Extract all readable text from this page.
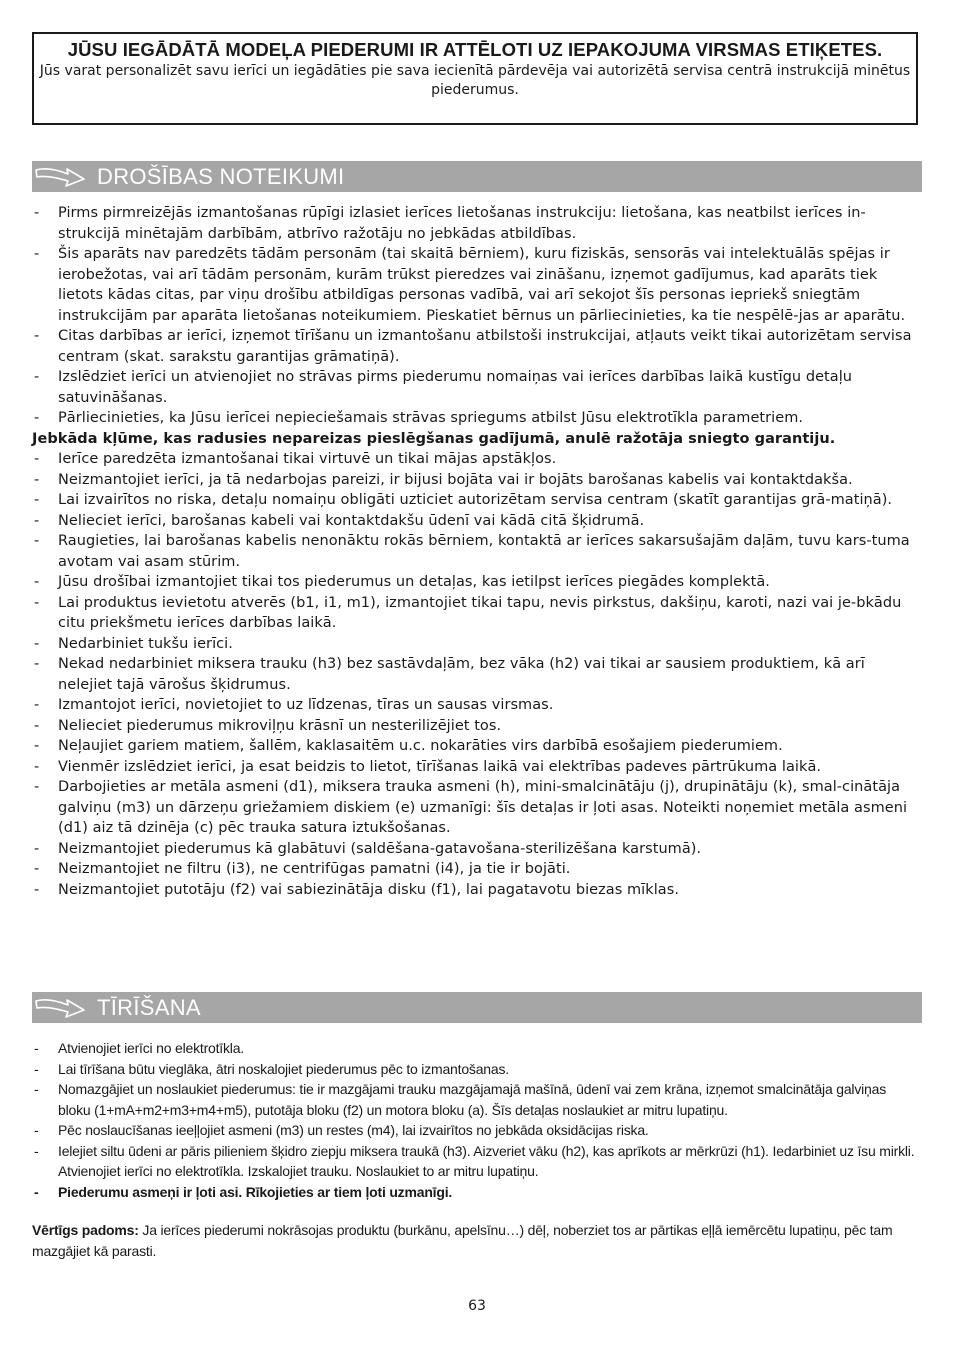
JŪSU IEGĀDĀTĀ MODEĻA PIEDERUMI IR ATTĒLOTI UZ IEPAKOJUMA VIRSMAS ETIĶETES.
Jūs varat personalizēt savu ierīci un iegādāties pie sava iecienītā pārdevēja vai autorizētā servisa centrā instrukcijā minētus piederumus.
DROŠĪBAS NOTEIKUMI
- Pirms pirmreizējās izmantošanas rūpīgi izlasiet ierīces lietošanas instrukciju: lietošana, kas neatbilst ierīces in-strukcijā minētajām darbībām, atbrīvo ražotāju no jebkādas atbildības.
- Šis aparāts nav paredzēts tādām personām (tai skaitā bērniem), kuru fiziskās, sensorās vai intelektuālās spējas ir ierobežotas, vai arī tādām personām, kurām trūkst pieredzes vai zināšanu, izņemot gadījumus, kad aparāts tiek lietots kādas citas, par viņu drošību atbildīgas personas vadībā, vai arī sekojot šīs personas iepriekš sniegtām instrukcijām par aparāta lietošanas noteikumiem. Pieskatiet bērnus un pārliecinieties, ka tie nespēlē-jas ar aparātu.
- Citas darbības ar ierīci, izņemot tīrīšanu un izmantošanu atbilstoši instrukcijai, atļauts veikt tikai autorizētam servisa centram (skat. sarakstu garantijas grāmatiņā).
- Izslēdziet ierīci un atvienojiet no strāvas pirms piederumu nomaiņas vai ierīces darbības laikā kustīgu detaļu satuvināšanas.
- Pārliecinieties, ka Jūsu ierīcei nepieciešamais strāvas spriegums atbilst Jūsu elektrotīkla parametriem.
Jebkāda kļūme, kas radusies nepareizas pieslēgšanas gadījumā, anulē ražotāja sniegto garantiju.
- Ierīce paredzēta izmantošanai tikai virtuvē un tikai mājas apstākļos.
- Neizmantojiet ierīci, ja tā nedarbojas pareizi, ir bijusi bojāta vai ir bojāts barošanas kabelis vai kontaktdakša.
- Lai izvairītos no riska, detaļu nomaiņu obligāti uzticiet autorizētam servisa centram (skatīt garantijas grā-matiņā).
- Nelieciet ierīci, barošanas kabeli vai kontaktdakšu ūdenī vai kādā citā šķidrumā.
- Raugieties, lai barošanas kabelis nenonāktu rokās bērniem, kontaktā ar ierīces sakarsušajām daļām, tuvu kars-tuma avotam vai asam stūrim.
- Jūsu drošībai izmantojiet tikai tos piederumus un detaļas, kas ietilpst ierīces piegādes komplektā.
- Lai produktus ievietotu atverēs (b1, i1, m1), izmantojiet tikai tapu, nevis pirkstus, dakšiņu, karoti, nazi vai je-bkādu citu priekšmetu ierīces darbības laikā.
- Nedarbiniet tukšu ierīci.
- Nekad nedarbiniet miksera trauku (h3) bez sastāvdaļām, bez vāka (h2) vai tikai ar sausiem produktiem, kā arī nelejiet tajā vārošus šķidrumus.
- Izmantojot ierīci, novietojiet to uz līdzenas, tīras un sausas virsmas.
- Nelieciet piederumus mikroviļņu krāsnī un nesterilizējiet tos.
- Neļaujiet gariem matiem, šallēm, kaklasaitēm u.c. nokarāties virs darbībā esošajiem piederumiem.
- Vienmēr izslēdziet ierīci, ja esat beidzis to lietot, tīrīšanas laikā vai elektrības padeves pārtrūkuma laikā.
- Darbojieties ar metāla asmeni (d1), miksera trauka asmeni (h), mini-smalcinātāju (j), drupinātāju (k), smal-cinātāja galviņu (m3) un dārzeņu griežamiem diskiem (e) uzmanīgi: šīs detaļas ir ļoti asas. Noteikti noņemiet metāla asmeni (d1) aiz tā dzinēja (c) pēc trauka satura iztukšošanas.
- Neizmantojiet piederumus kā glabātuvi (saldēšana-gatavošana-sterilizēšana karstumā).
- Neizmantojiet ne filtru (i3), ne centrifūgas pamatni (i4), ja tie ir bojāti.
- Neizmantojiet putotāju (f2) vai sabiezinātāja disku (f1), lai pagatavotu biezas mīklas.
TĪRĪŠANA
- Atvienojiet ierīci no elektrotīkla.
- Lai tīrīšana būtu vieglāka, ātri noskalojiet piederumus pēc to izmantošanas.
- Nomazgājiet un noslaukiet piederumus: tie ir mazgājami trauku mazgājamajā mašīnā, ūdenī vai zem krāna, izņemot smalcinātāja galviņas bloku (1+mA+m2+m3+m4+m5), putotāja bloku (f2) un motora bloku (a). Šīs detaļas noslaukiet ar mitru lupatiņu.
- Pēc noslaucīšanas ieeļļojiet asmeni (m3) un restes (m4), lai izvairītos no jebkāda oksidācijas riska.
- Ielejiet siltu ūdeni ar pāris pilieniem šķidro ziepju miksera traukā (h3). Aizveriet vāku (h2), kas aprīkots ar mērkrūzi (h1). Iedarbiniet uz īsu mirkli. Atvienojiet ierīci no elektrotīkla. Izskalojiet trauku. Noslaukiet to ar mitru lupatiņu.
- Piederumu asmeņi ir ļoti asi. Rīkojieties ar tiem ļoti uzmanīgi.
Vērtīgs padoms: Ja ierīces piederumi nokrāsojas produktu (burkānu, apelsīnu…) dēļ, noberziet tos ar pārtikas eļļā iemērcētu lupatiņu, pēc tam mazgājiet kā parasti.
63
